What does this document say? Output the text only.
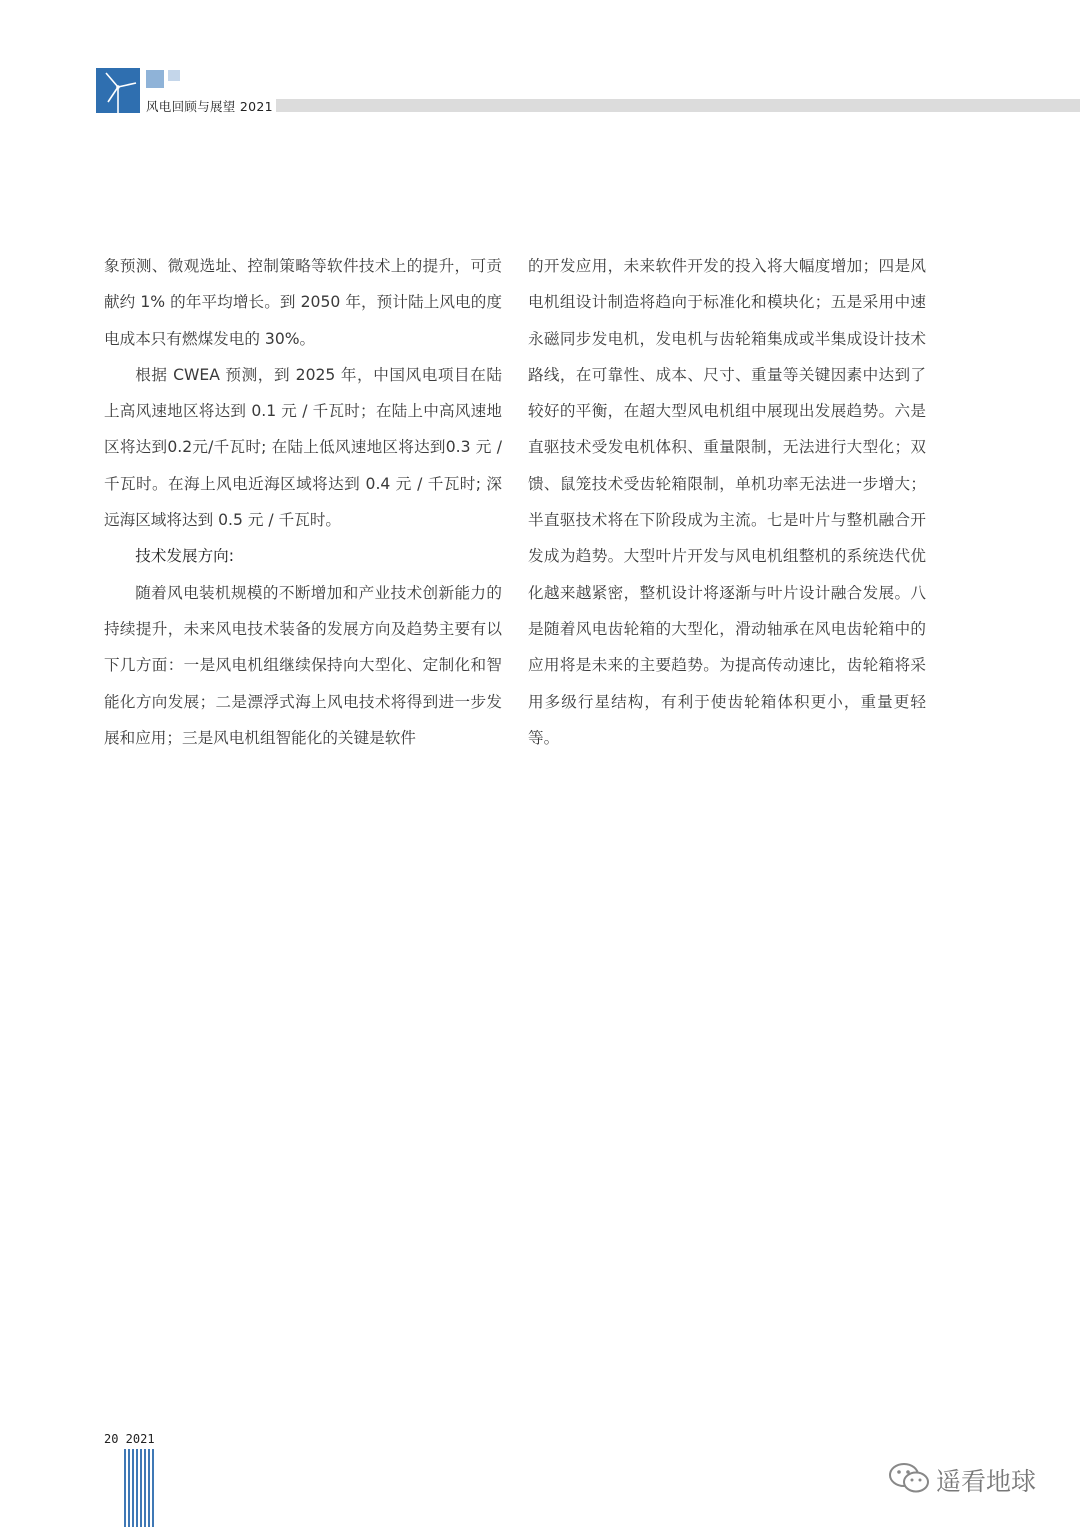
风电回顾与展望 2021

象预测、微观选址、控制策略等软件技术上的提升，可贡献约 1% 的年平均增长。到 2050 年，预计陆上风电的度电成本只有燃煤发电的 30%。

根据 CWEA 预测，到 2025 年，中国风电项目在陆上高风速地区将达到 0.1 元 / 千瓦时；在陆上中高风速地区将达到0.2元/千瓦时; 在陆上低风速地区将达到0.3 元 / 千瓦时。在海上风电近海区域将达到 0.4 元 / 千瓦时; 深远海区域将达到 0.5 元 / 千瓦时。

技术发展方向:

随着风电装机规模的不断增加和产业技术创新能力的持续提升，未来风电技术装备的发展方向及趋势主要有以下几方面：一是风电机组继续保持向大型化、定制化和智能化方向发展；二是漂浮式海上风电技术将得到进一步发展和应用；三是风电机组智能化的关键是软件

的开发应用，未来软件开发的投入将大幅度增加；四是风电机组设计制造将趋向于标准化和模块化；五是采用中速永磁同步发电机，发电机与齿轮箱集成或半集成设计技术路线，在可靠性、成本、尺寸、重量等关键因素中达到了较好的平衡，在超大型风电机组中展现出发展趋势。六是直驱技术受发电机体积、重量限制，无法进行大型化；双馈、鼠笼技术受齿轮箱限制，单机功率无法进一步增大；半直驱技术将在下阶段成为主流。七是叶片与整机融合开发成为趋势。大型叶片开发与风电机组整机的系统迭代优化越来越紧密，整机设计将逐渐与叶片设计融合发展。八是随着风电齿轮箱的大型化，滑动轴承在风电齿轮箱中的应用将是未来的主要趋势。为提高传动速比，齿轮箱将采用多级行星结构，有利于使齿轮箱体积更小，重量更轻等。

20 2021
遥看地球
